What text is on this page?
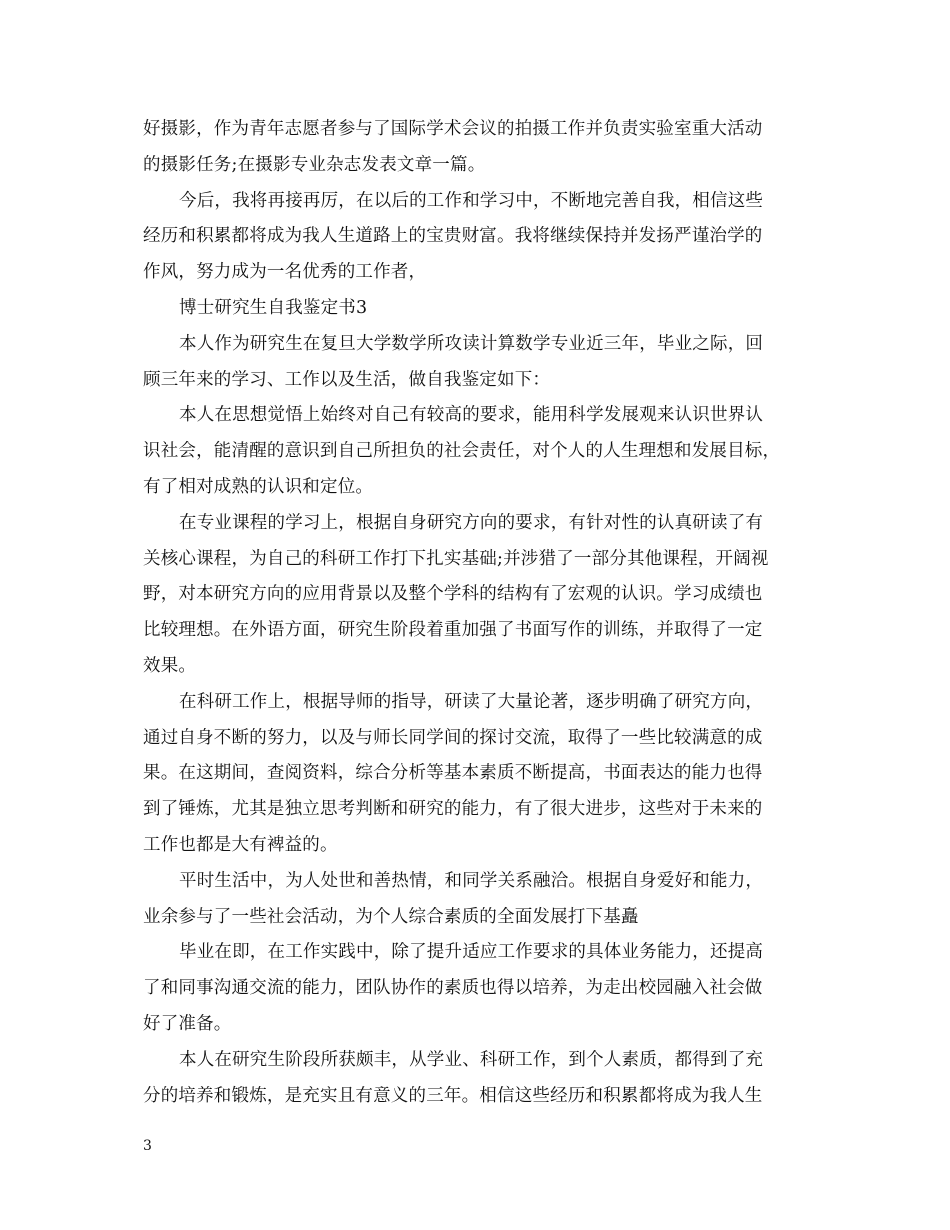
好摄影，作为青年志愿者参与了国际学术会议的拍摄工作并负责实验室重大活动
的摄影任务;在摄影专业杂志发表文章一篇。
今后，我将再接再厉，在以后的工作和学习中，不断地完善自我，相信这些
经历和积累都将成为我人生道路上的宝贵财富。我将继续保持并发扬严谨治学的
作风，努力成为一名优秀的工作者，
博士研究生自我鉴定书3
本人作为研究生在复旦大学数学所攻读计算数学专业近三年，毕业之际，回
顾三年来的学习、工作以及生活，做自我鉴定如下：
本人在思想觉悟上始终对自己有较高的要求，能用科学发展观来认识世界认
识社会，能清醒的意识到自己所担负的社会责任，对个人的人生理想和发展目标，
有了相对成熟的认识和定位。
在专业课程的学习上，根据自身研究方向的要求，有针对性的认真研读了有
关核心课程，为自己的科研工作打下扎实基础;并涉猎了一部分其他课程，开阔视
野，对本研究方向的应用背景以及整个学科的结构有了宏观的认识。学习成绩也
比较理想。在外语方面，研究生阶段着重加强了书面写作的训练，并取得了一定
效果。
在科研工作上，根据导师的指导，研读了大量论著，逐步明确了研究方向，
通过自身不断的努力，以及与师长同学间的探讨交流，取得了一些比较满意的成
果。在这期间，查阅资料，综合分析等基本素质不断提高，书面表达的能力也得
到了锤炼，尤其是独立思考判断和研究的能力，有了很大进步，这些对于未来的
工作也都是大有裨益的。
平时生活中，为人处世和善热情，和同学关系融洽。根据自身爱好和能力，
业余参与了一些社会活动，为个人综合素质的全面发展打下基矗
毕业在即，在工作实践中，除了提升适应工作要求的具体业务能力，还提高
了和同事沟通交流的能力，团队协作的素质也得以培养，为走出校园融入社会做
好了准备。
本人在研究生阶段所获颇丰，从学业、科研工作，到个人素质，都得到了充
分的培养和锻炼，是充实且有意义的三年。相信这些经历和积累都将成为我人生
3
